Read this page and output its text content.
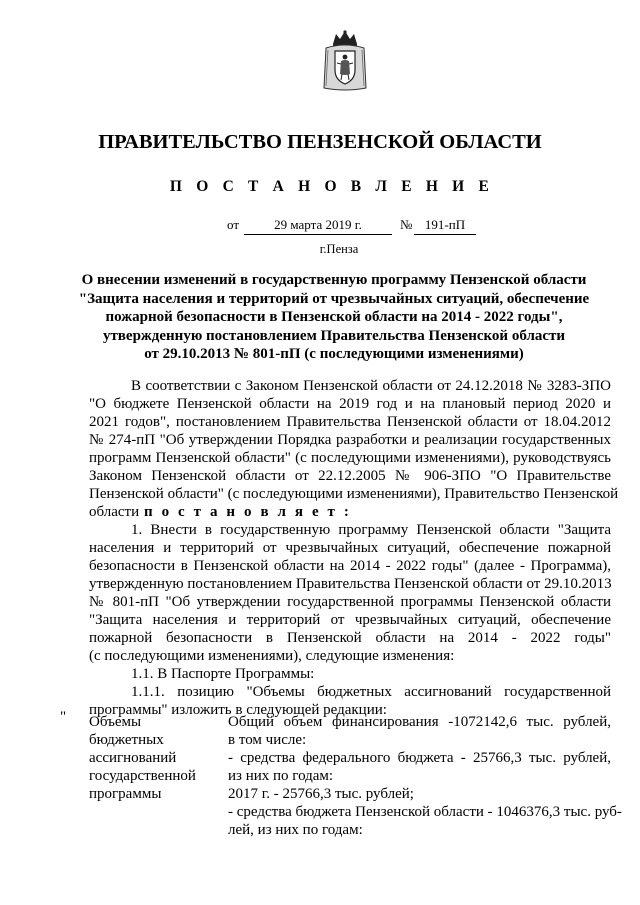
ПРАВИТЕЛЬСТВО ПЕНЗЕНСКОЙ ОБЛАСТИ
П О С Т А Н О В Л Е Н И Е
от	29 марта 2019 г.	№ 191-пП
г.Пенза
О внесении изменений в государственную программу Пензенской области
"Защита населения и территорий от чрезвычайных ситуаций, обеспечение
пожарной безопасности в Пензенской области на 2014 - 2022 годы",
утвержденную постановлением Правительства Пензенской области
от 29.10.2013 № 801-пП (с последующими изменениями)
В соответствии с Законом Пензенской области от 24.12.2018 № 3283-ЗПО
"О бюджете Пензенской области на 2019 год и на плановый период 2020 и
2021 годов", постановлением Правительства Пензенской области от 18.04.2012
№ 274-пП "Об утверждении Порядка разработки и реализации государственных
программ Пензенской области" (с последующими изменениями), руководствуясь
Законом Пензенской области от 22.12.2005 № 906-ЗПО "О Правительстве
Пензенской области" (с последующими изменениями), Правительство Пензенской
области п о с т а н о в л я е т :
1. Внести в государственную программу Пензенской области "Защита
населения и территорий от чрезвычайных ситуаций, обеспечение пожарной
безопасности в Пензенской области на 2014 - 2022 годы" (далее - Программа),
утвержденную постановлением Правительства Пензенской области от 29.10.2013
№ 801-пП "Об утверждении государственной программы Пензенской области
"Защита населения и территорий от чрезвычайных ситуаций, обеспечение
пожарной безопасности в Пензенской области на 2014 - 2022 годы"
(с последующими изменениями), следующие изменения:
1.1. В Паспорте Программы:
1.1.1. позицию "Объемы бюджетных ассигнований государственной
программы" изложить в следующей редакции:
" Объемы
бюджетных
ассигнований
государственной
программы
Общий объем финансирования -1072142,6 тыс. рублей,
в том числе:
- средства федерального бюджета - 25766,3 тыс. рублей,
из них по годам:
2017 г. - 25766,3 тыс. рублей;
- средства бюджета Пензенской области - 1046376,3 тыс. руб-
лей, из них по годам:
